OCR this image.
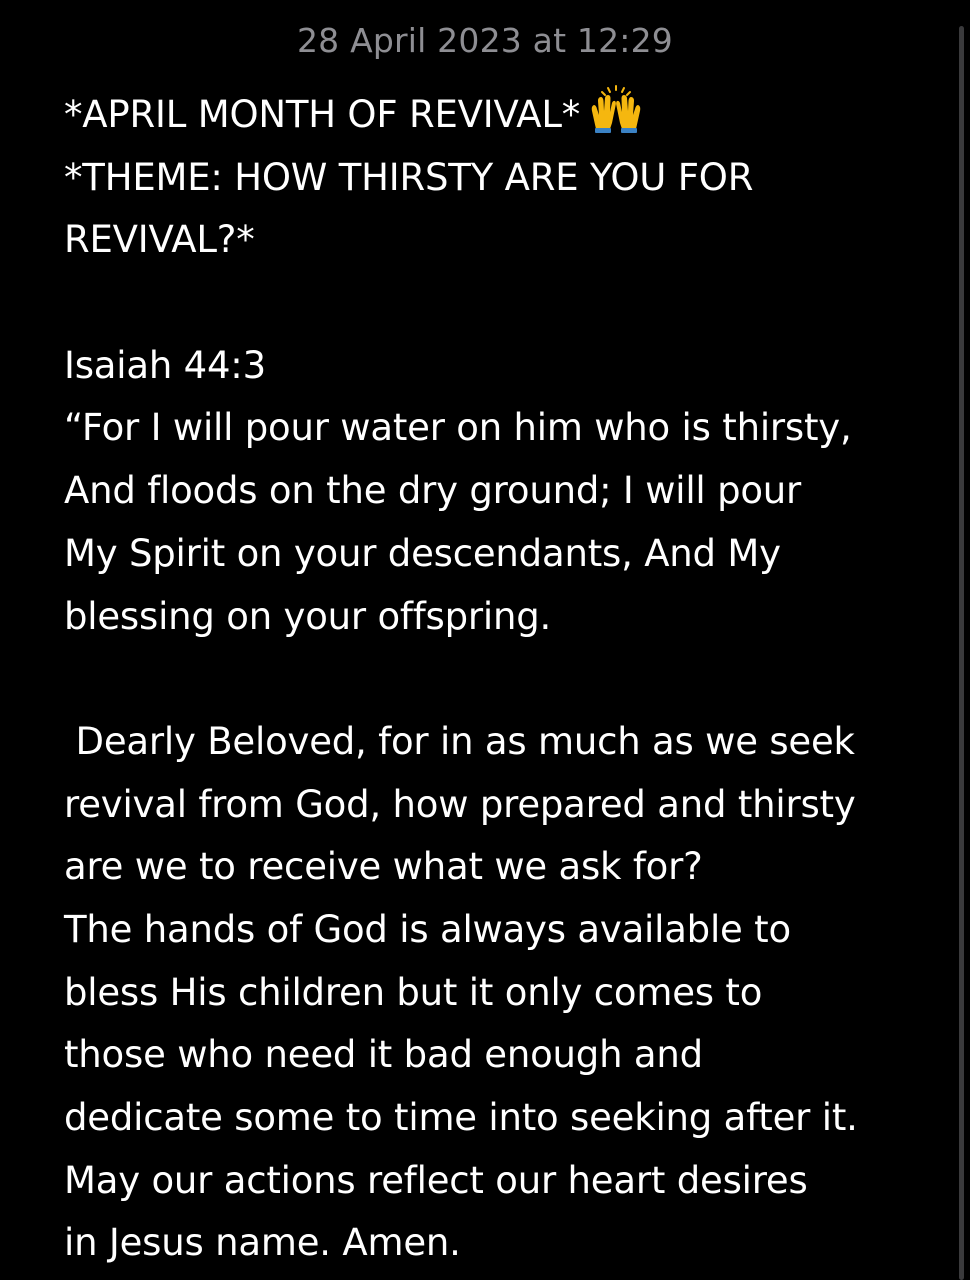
28 April 2023 at 12:29
*APRIL MONTH OF REVIVAL*
*THEME: HOW THIRSTY ARE YOU FOR
REVIVAL?*
Isaiah 44:3
“For I will pour water on him who is thirsty,
And floods on the dry ground; I will pour
My Spirit on your descendants, And My
blessing on your offspring.
Dearly Beloved, for in as much as we seek
revival from God, how prepared and thirsty
are we to receive what we ask for?
The hands of God is always available to
bless His children but it only comes to
those who need it bad enough and
dedicate some to time into seeking after it.
May our actions reflect our heart desires
in Jesus name. Amen.
